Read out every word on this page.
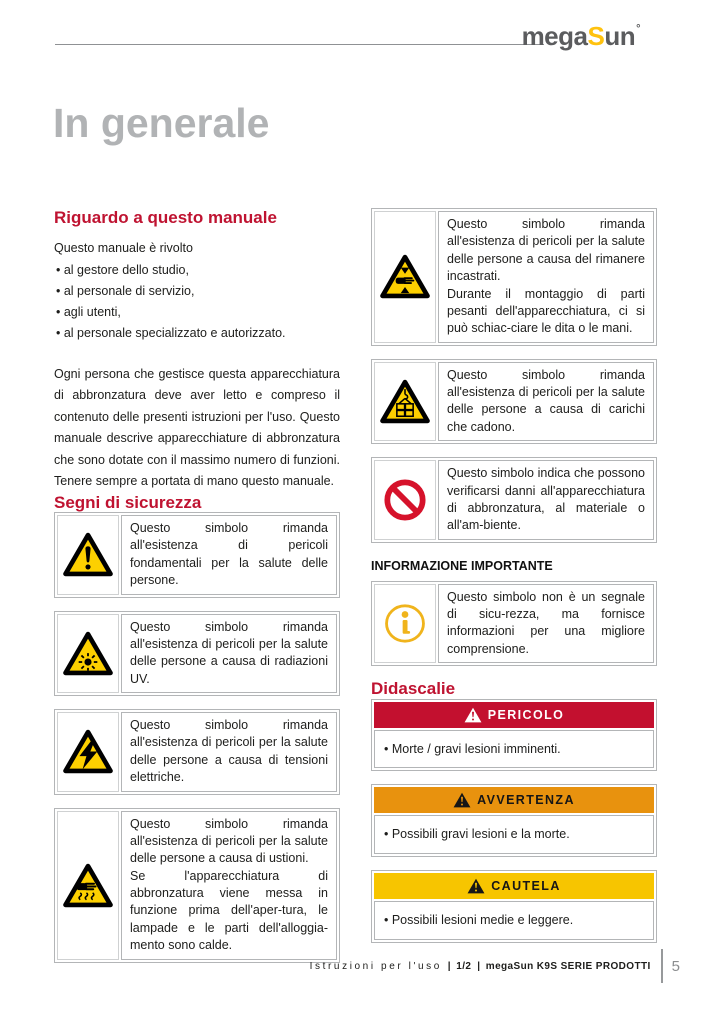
megaSun°
In generale
Riguardo a questo manuale

Questo manuale è rivolto

• al gestore dello studio,
• al personale di servizio,
• agli utenti,
• al personale specializzato e autorizzato.

Ogni persona che gestisce questa apparecchiatura di abbronzatura deve aver letto e compreso il contenuto delle presenti istruzioni per l'uso. Questo manuale descrive apparecchiature di abbronzatura che sono dotate con il massimo numero di funzioni. Tenere sempre a portata di mano questo manuale.

Segni di sicurezza

Questo simbolo rimanda all'esistenza di pericoli fondamentali per la salute delle persone.

Questo simbolo rimanda all'esistenza di pericoli per la salute delle persone a causa di radiazioni UV.

Questo simbolo rimanda all'esistenza di pericoli per la salute delle persone a causa di tensioni elettriche.

Questo simbolo rimanda all'esistenza di pericoli per la salute delle persone a causa di ustioni.

Se l'apparecchiatura di abbronzatura viene messa in funzione prima dell'aper-tura, le lampade e le parti dell'alloggia-mento sono calde.

Questo simbolo rimanda all'esistenza di pericoli per la salute delle persone a causa del rimanere incastrati.

Durante il montaggio di parti pesanti dell'apparecchiatura, ci si può schiac-ciare le dita o le mani.

Questo simbolo rimanda all'esistenza di pericoli per la salute delle persone a causa di carichi che cadono.

Questo simbolo indica che possono verificarsi danni all'apparecchiatura di abbronzatura, al materiale o all'am-biente.

INFORMAZIONE IMPORTANTE

Questo simbolo non è un segnale di sicu-rezza, ma fornisce informazioni per una migliore comprensione.

Didascalie
PERICOLO
• Morte / gravi lesioni imminenti.
AVVERTENZA
• Possibili gravi lesioni e la morte.
CAUTELA
• Possibili lesioni medie e leggere.
Istruzioni per l'uso | 1/2 | megaSun K9S SERIE PRODOTTI 5
